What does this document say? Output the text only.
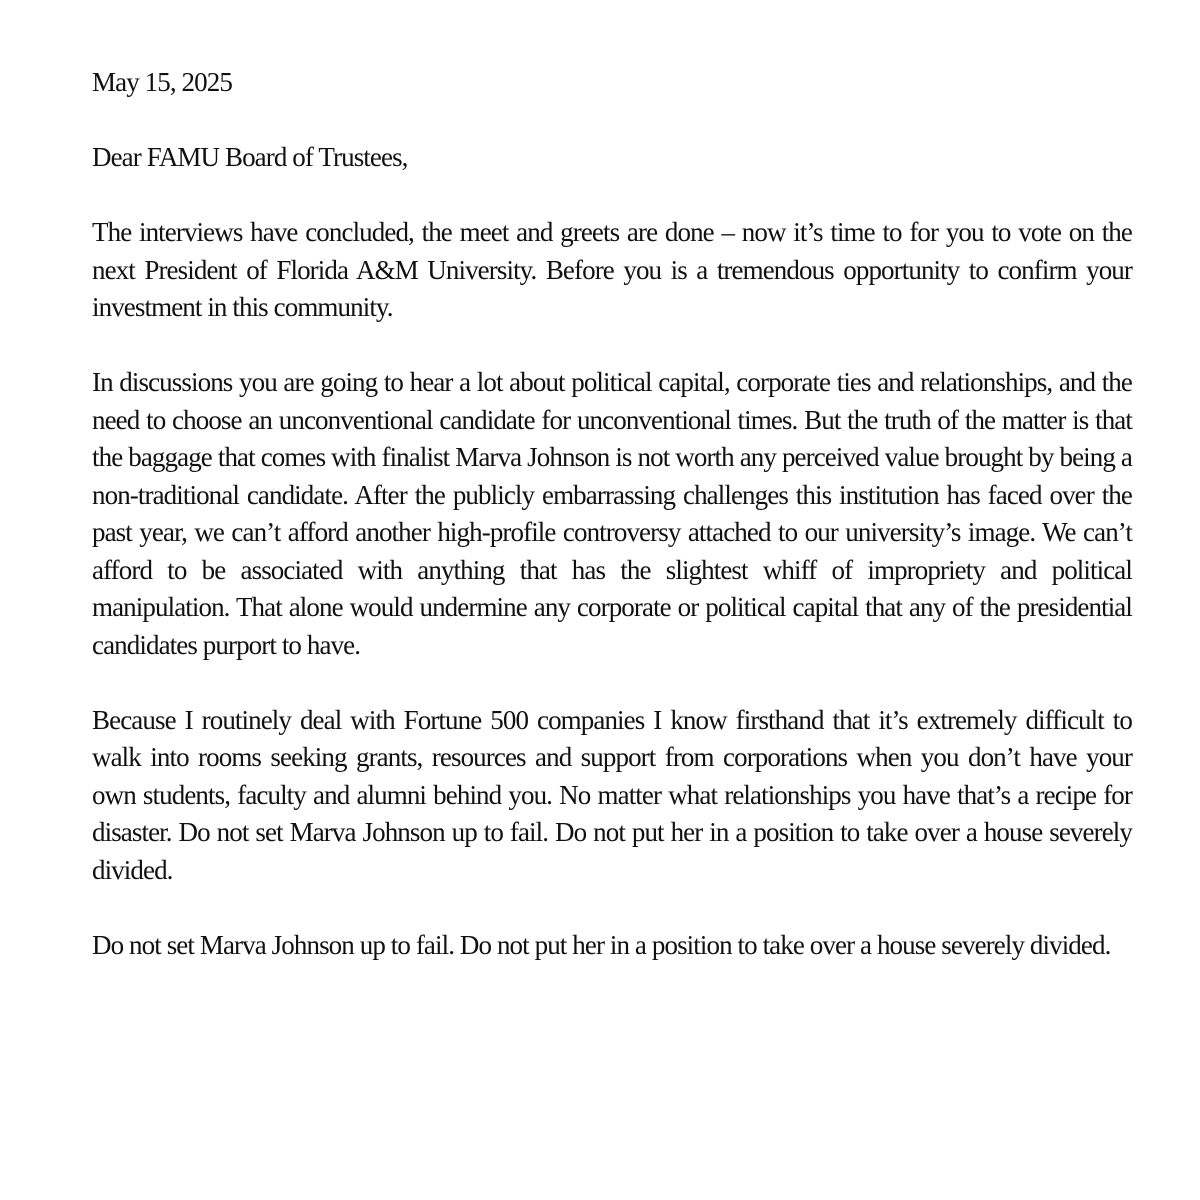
May 15, 2025

Dear FAMU Board of Trustees,

The interviews have concluded, the meet and greets are done – now it’s time to for you to vote on the next President of Florida A&M University. Before you is a tremendous opportunity to confirm your investment in this community.

In discussions you are going to hear a lot about political capital, corporate ties and relationships, and the need to choose an unconventional candidate for unconventional times. But the truth of the matter is that the baggage that comes with finalist Marva Johnson is not worth any perceived value brought by being a non-traditional candidate. After the publicly embarrassing challenges this institution has faced over the past year, we can’t afford another high-profile controversy attached to our university’s image. We can’t afford to be associated with anything that has the slightest whiff of impropriety and political manipulation. That alone would undermine any corporate or political capital that any of the presidential candidates purport to have.

Because I routinely deal with Fortune 500 companies I know firsthand that it’s extremely difficult to walk into rooms seeking grants, resources and support from corporations when you don’t have your own students, faculty and alumni behind you. No matter what relationships you have that’s a recipe for disaster. Do not set Marva Johnson up to fail. Do not put her in a position to take over a house severely divided.

Do not set Marva Johnson up to fail. Do not put her in a position to take over a house severely divided.
